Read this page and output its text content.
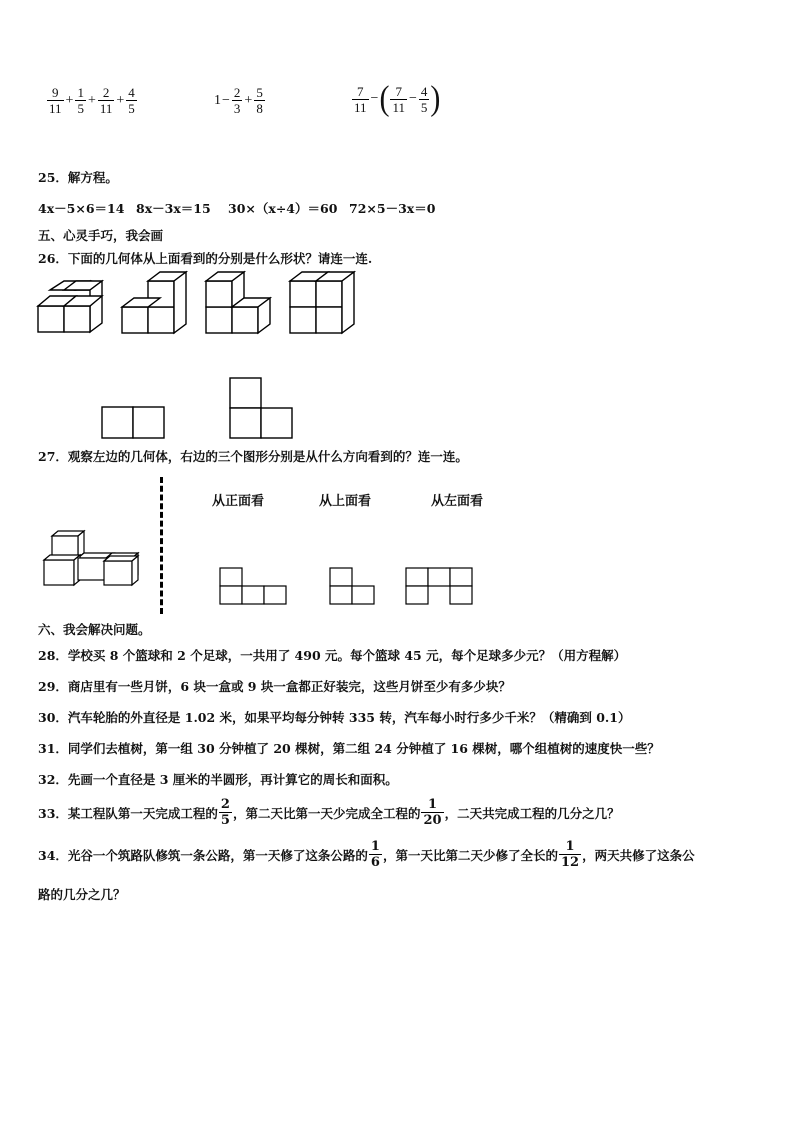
$\frac{9}{11} + \frac{1}{5} + \frac{2}{11} + \frac{4}{5}$	$1 - \frac{2}{3} + \frac{5}{8}$	$\frac{7}{11}$ − ( $\frac{7}{11} - \frac{4}{5}$ )
25．解方程。
4x－5×6＝14 8x－3x＝15 30×（x÷4）＝60 72×5－3x＝0
五、心灵手巧，我会画
26．下面的几何体从上面看到的分别是什么形状？请连一连.
27．观察左边的几何体，右边的三个图形分别是从什么方向看到的？连一连。
从正面看	从上面看	从左面看
六、我会解决问题。
28．学校买 8 个篮球和 2 个足球，一共用了 490 元。每个篮球 45 元，每个足球多少元？（用方程解）
29．商店里有一些月饼，6 块一盒或 9 块一盒都正好装完，这些月饼至少有多少块？
30．汽车轮胎的外直径是 1.02 米，如果平均每分钟转 335 转，汽车每小时行多少千米？（精确到 0.1）
31．同学们去植树，第一组 30 分钟植了 20 棵树，第二组 24 分钟植了 16 棵树，哪个组植树的速度快一些？
32．先画一个直径是 3 厘米的半圆形，再计算它的周长和面积。
33．某工程队第一天完成工程的 $\frac{2}{5}$ ，第二天比第一天少完成全工程的 $\frac{1}{20}$ ，二天共完成工程的几分之几？
34．光谷一个筑路队修筑一条公路，第一天修了这条公路的 $\frac{1}{6}$ ，第一天比第二天少修了全长的 $\frac{1}{12}$ ，两天共修了这条公
路的几分之几？
